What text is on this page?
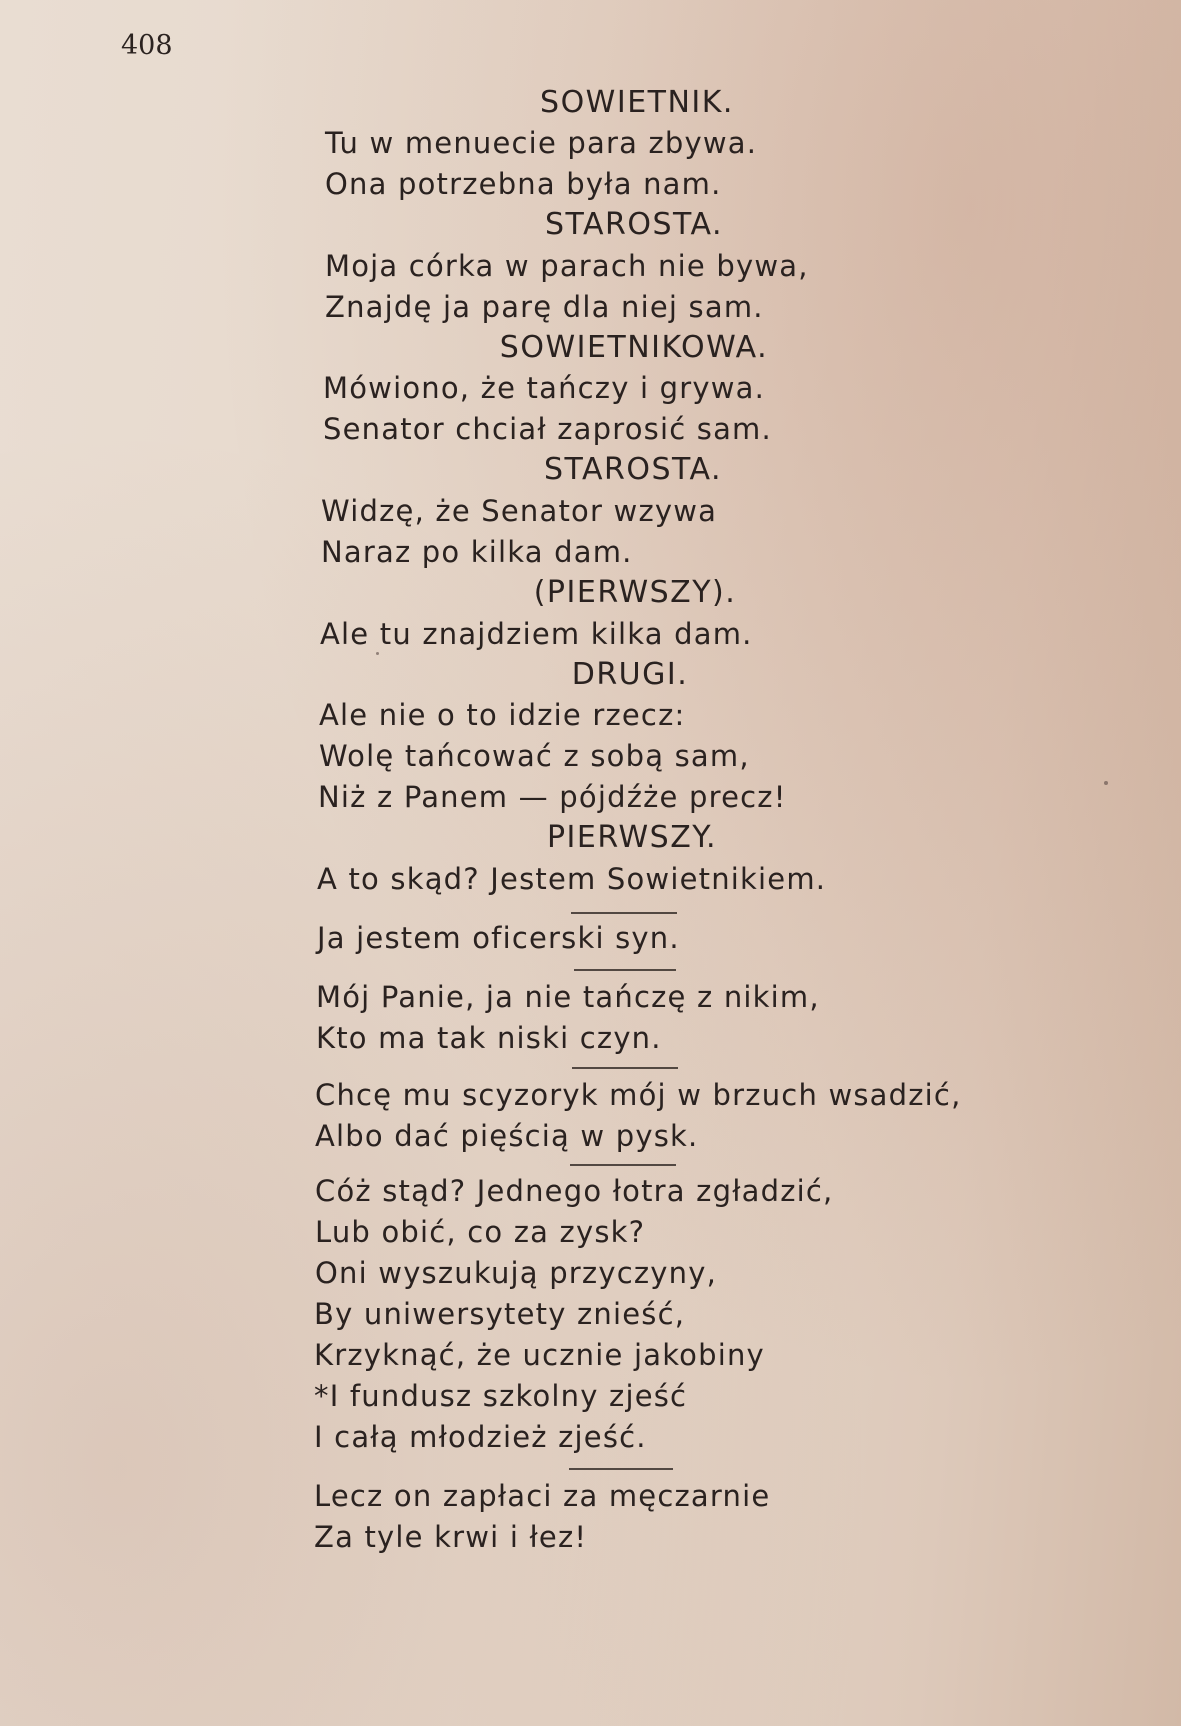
408
SOWIETNIK.
Tu w menuecie para zbywa.
Ona potrzebna była nam.
STAROSTA.
Moja córka w parach nie bywa,
Znajdę ja parę dla niej sam.
SOWIETNIKOWA.
Mówiono, że tańczy i grywa.
Senator chciał zaprosić sam.
STAROSTA.
Widzę, że Senator wzywa
Naraz po kilka dam.
(PIERWSZY).
Ale tu znajdziem kilka dam.
DRUGI.
Ale nie o to idzie rzecz:
Wolę tańcować z sobą sam,
Niż z Panem — pójdźże precz!
PIERWSZY.
A to skąd? Jestem Sowietnikiem.
Ja jestem oficerski syn.
Mój Panie, ja nie tańczę z nikim,
Kto ma tak niski czyn.
Chcę mu scyzoryk mój w brzuch wsadzić,
Albo dać pięścią w pysk.
Cóż stąd? Jednego łotra zgładzić,
Lub obić, co za zysk?
Oni wyszukują przyczyny,
By uniwersytety znieść,
Krzyknąć, że ucznie jakobiny
*I fundusz szkolny zjeść
I całą młodzież zjeść.
Lecz on zapłaci za męczarnie
Za tyle krwi i łez!
